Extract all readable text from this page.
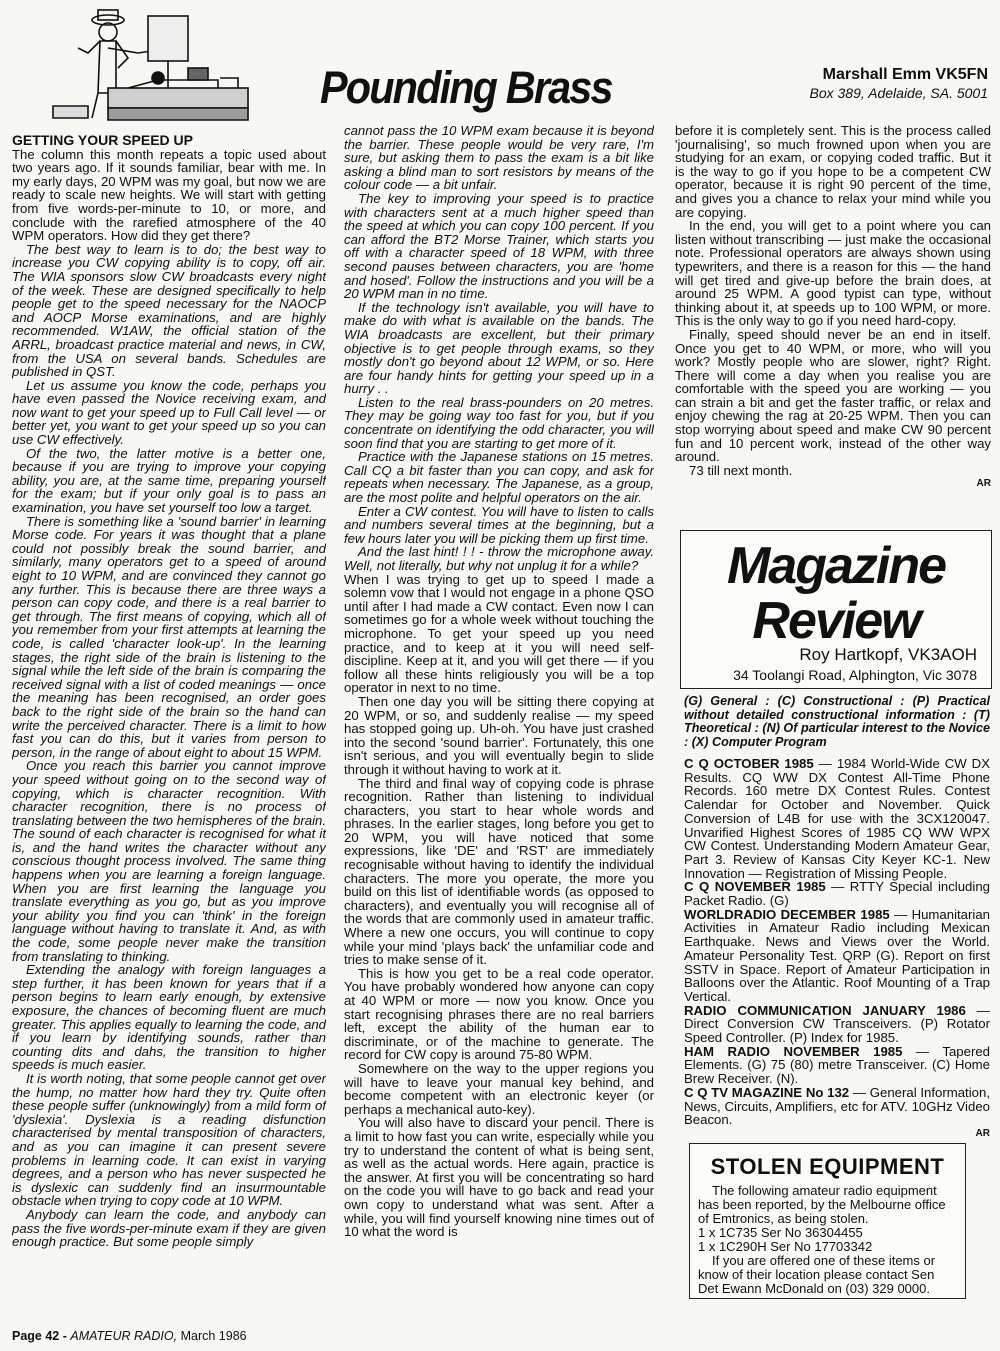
Pounding Brass	Marshall Emm VK5FN
Box 389, Adelaide, SA. 5001

GETTING YOUR SPEED UP

The column this month repeats a topic used about two years ago. If it sounds familiar, bear with me. In my early days, 20 WPM was my goal, but now we are ready to scale new heights. We will start with getting from five words-per-minute to 10, or more, and conclude with the rarefied atmosphere of the 40 WPM operators. How did they get there?

The best way to learn is to do; the best way to increase you CW copying ability is to copy, off air. The WIA sponsors slow CW broadcasts every night of the week. These are designed specifically to help people get to the speed necessary for the NAOCP and AOCP Morse examinations, and are highly recommended. W1AW, the official station of the ARRL, broadcast practice material and news, in CW, from the USA on several bands. Schedules are published in QST.

Let us assume you know the code, perhaps you have even passed the Novice receiving exam, and now want to get your speed up to Full Call level — or better yet, you want to get your speed up so you can use CW effectively.

Of the two, the latter motive is a better one, because if you are trying to improve your copying ability, you are, at the same time, preparing yourself for the exam; but if your only goal is to pass an examination, you have set yourself too low a target.

There is something like a 'sound barrier' in learning Morse code. For years it was thought that a plane could not possibly break the sound barrier, and similarly, many operators get to a speed of around eight to 10 WPM, and are convinced they cannot go any further. This is because there are three ways a person can copy code, and there is a real barrier to get through. The first means of copying, which all of you remember from your first attempts at learning the code, is called 'character look-up'. In the learning stages, the right side of the brain is listening to the signal while the left side of the brain is comparing the received signal with a list of coded meanings — once the meaning has been recognised, an order goes back to the right side of the brain so the hand can write the perceived character. There is a limit to how fast you can do this, but it varies from person to person, in the range of about eight to about 15 WPM.

Once you reach this barrier you cannot improve your speed without going on to the second way of copying, which is character recognition. With character recognition, there is no process of translating between the two hemispheres of the brain. The sound of each character is recognised for what it is, and the hand writes the character without any conscious thought process involved. The same thing happens when you are learning a foreign language. When you are first learning the language you translate everything as you go, but as you improve your ability you find you can 'think' in the foreign language without having to translate it. And, as with the code, some people never make the transition from translating to thinking.

Extending the analogy with foreign languages a step further, it has been known for years that if a person begins to learn early enough, by extensive exposure, the chances of becoming fluent are much greater. This applies equally to learning the code, and if you learn by identifying sounds, rather than counting dits and dahs, the transition to higher speeds is much easier.

It is worth noting, that some people cannot get over the hump, no matter how hard they try. Quite often these people suffer (unknowingly) from a mild form of 'dyslexia'. Dyslexia is a reading disfunction characterised by mental transposition of characters, and as you can imagine it can present severe problems in learning code. It can exist in varying degrees, and a person who has never suspected he is dyslexic can suddenly find an insurmountable obstacle when trying to copy code at 10 WPM.

Anybody can learn the code, and anybody can pass the five words-per-minute exam if they are given enough practice. But some people simply

cannot pass the 10 WPM exam because it is beyond the barrier. These people would be very rare, I'm sure, but asking them to pass the exam is a bit like asking a blind man to sort resistors by means of the colour code — a bit unfair.

The key to improving your speed is to practice with characters sent at a much higher speed than the speed at which you can copy 100 percent. If you can afford the BT2 Morse Trainer, which starts you off with a character speed of 18 WPM, with three second pauses between characters, you are 'home and hosed'. Follow the instructions and you will be a 20 WPM man in no time.

If the technology isn't available, you will have to make do with what is available on the bands. The WIA broadcasts are excellent, but their primary objective is to get people through exams, so they mostly don't go beyond about 12 WPM, or so. Here are four handy hints for getting your speed up in a hurry . .

Listen to the real brass-pounders on 20 metres. They may be going way too fast for you, but if you concentrate on identifying the odd character, you will soon find that you are starting to get more of it.

Practice with the Japanese stations on 15 metres. Call CQ a bit faster than you can copy, and ask for repeats when necessary. The Japanese, as a group, are the most polite and helpful operators on the air.

Enter a CW contest. You will have to listen to calls and numbers several times at the beginning, but a few hours later you will be picking them up first time.

And the last hint! ! ! - throw the microphone away. Well, not literally, but why not unplug it for a while?

When I was trying to get up to speed I made a solemn vow that I would not engage in a phone QSO until after I had made a CW contact. Even now I can sometimes go for a whole week without touching the microphone. To get your speed up you need practice, and to keep at it you will need self-discipline. Keep at it, and you will get there — if you follow all these hints religiously you will be a top operator in next to no time.

Then one day you will be sitting there copying at 20 WPM, or so, and suddenly realise — my speed has stopped going up. Uh-oh. You have just crashed into the second 'sound barrier'. Fortunately, this one isn't serious, and you will eventually begin to slide through it without having to work at it.

The third and final way of copying code is phrase recognition. Rather than listening to individual characters, you start to hear whole words and phrases. In the earlier stages, long before you get to 20 WPM, you will have noticed that some expressions, like 'DE' and 'RST' are immediately recognisable without having to identify the individual characters. The more you operate, the more you build on this list of identifiable words (as opposed to characters), and eventually you will recognise all of the words that are commonly used in amateur traffic. Where a new one occurs, you will continue to copy while your mind 'plays back' the unfamiliar code and tries to make sense of it.

This is how you get to be a real code operator. You have probably wondered how anyone can copy at 40 WPM or more — now you know. Once you start recognising phrases there are no real barriers left, except the ability of the human ear to discriminate, or of the machine to generate. The record for CW copy is around 75-80 WPM.

Somewhere on the way to the upper regions you will have to leave your manual key behind, and become competent with an electronic keyer (or perhaps a mechanical auto-key).

You will also have to discard your pencil. There is a limit to how fast you can write, especially while you try to understand the content of what is being sent, as well as the actual words. Here again, practice is the answer. At first you will be concentrating so hard on the code you will have to go back and read your own copy to understand what was sent. After a while, you will find yourself knowing nine times out of 10 what the word is

before it is completely sent. This is the process called 'journalising', so much frowned upon when you are studying for an exam, or copying coded traffic. But it is the way to go if you hope to be a competent CW operator, because it is right 90 percent of the time, and gives you a chance to relax your mind while you are copying.

In the end, you will get to a point where you can listen without transcribing — just make the occasional note. Professional operators are always shown using typewriters, and there is a reason for this — the hand will get tired and give-up before the brain does, at around 25 WPM. A good typist can type, without thinking about it, at speeds up to 100 WPM, or more. This is the only way to go if you need hard-copy.

Finally, speed should never be an end in itself. Once you get to 40 WPM, or more, who will you work? Mostly people who are slower, right? Right. There will come a day when you realise you are comfortable with the speed you are working — you can strain a bit and get the faster traffic, or relax and enjoy chewing the rag at 20-25 WPM. Then you can stop worrying about speed and make CW 90 percent fun and 10 percent work, instead of the other way around.

73 till next month.

AR
Magazine
Review
Roy Hartkopf, VK3AOH
34 Toolangi Road, Alphington, Vic 3078
(G) General : (C) Constructional : (P) Practical without detailed constructional information : (T) Theoretical : (N) Of particular interest to the Novice : (X) Computer Program

C Q OCTOBER 1985 — 1984 World-Wide CW DX Results. CQ WW DX Contest All-Time Phone Records. 160 metre DX Contest Rules. Contest Calendar for October and November. Quick Conversion of L4B for use with the 3CX120047. Unvarified Highest Scores of 1985 CQ WW WPX CW Contest. Understanding Modern Amateur Gear, Part 3. Review of Kansas City Keyer KC-1. New Innovation — Registration of Missing People.

C Q NOVEMBER 1985 — RTTY Special including Packet Radio. (G)

WORLDRADIO DECEMBER 1985 — Humanitarian Activities in Amateur Radio including Mexican Earthquake. News and Views over the World. Amateur Personality Test. QRP (G). Report on first SSTV in Space. Report of Amateur Participation in Balloons over the Atlantic. Roof Mounting of a Trap Vertical.

RADIO COMMUNICATION JANUARY 1986 — Direct Conversion CW Transceivers. (P) Rotator Speed Controller. (P) Index for 1985.

HAM RADIO NOVEMBER 1985 — Tapered Elements. (G) 75 (80) metre Transceiver. (C) Home Brew Receiver. (N).

C Q TV MAGAZINE No 132 — General Information, News, Circuits, Amplifiers, etc for ATV. 10GHz Video Beacon.

AR
STOLEN EQUIPMENT

The following amateur radio equipment has been reported, by the Melbourne office of Emtronics, as being stolen.

1 x 1C735 Ser No 36304455

1 x 1C290H Ser No 17703342

If you are offered one of these items or know of their location please contact Sen Det Ewann McDonald on (03) 329 0000.

Page 42 - AMATEUR RADIO, March 1986
